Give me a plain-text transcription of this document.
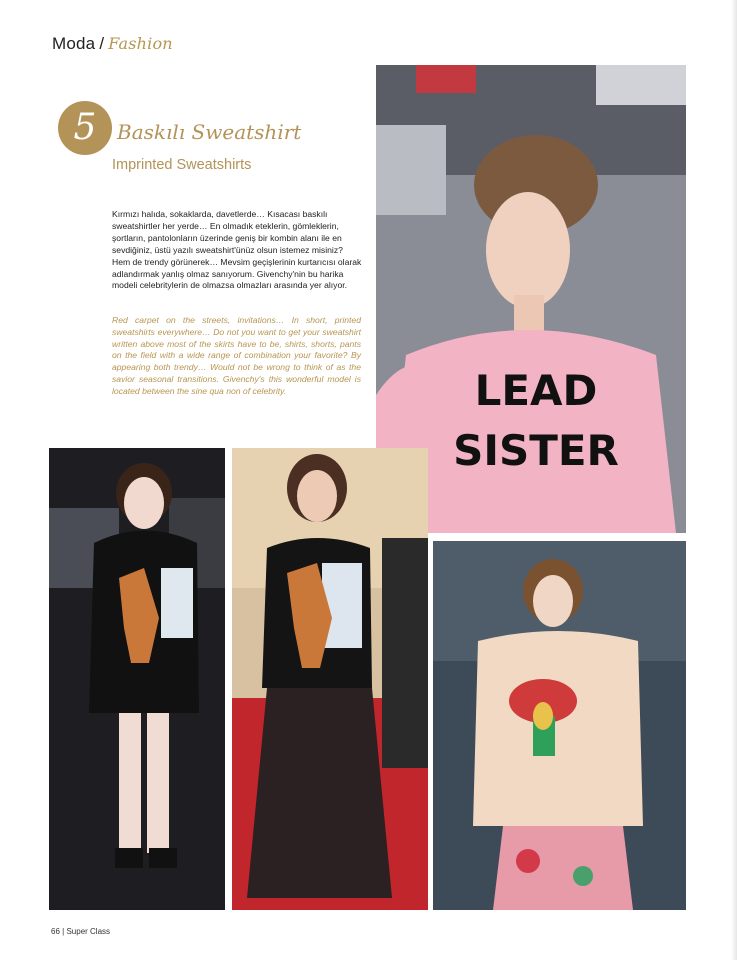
Moda / Fashion
5	Baskılı Sweatshirt
Imprinted Sweatshirts

Kırmızı halıda, sokaklarda, davetlerde… Kısacası baskılı sweatshirtler her yerde… En olmadık eteklerin, gömleklerin, şortların, pantolonların üzerinde geniş bir kombin alanı ile en sevdiğiniz, üstü yazılı sweatshirt'ünüz olsun istemez misiniz? Hem de trendy görünerek… Mevsim geçişlerinin kurtarıcısı olarak adlandırmak yanlış olmaz sanıyorum. Givenchy'nin bu harika modeli celebritylerin de olmazsa olmazları arasında yer alıyor.

Red carpet on the streets, invitations… In short, printed sweatshirts everywhere… Do not you want to get your sweatshirt written above most of the skirts have to be, shirts, shorts, pants on the field with a wide range of combination your favorite? By appearing both trendy… Would not be wrong to think of as the savior seasonal transitions. Givenchy's this wonderful model is located between the sine qua non of celebrity.	LEAD
SISTER
66 | Super Class
